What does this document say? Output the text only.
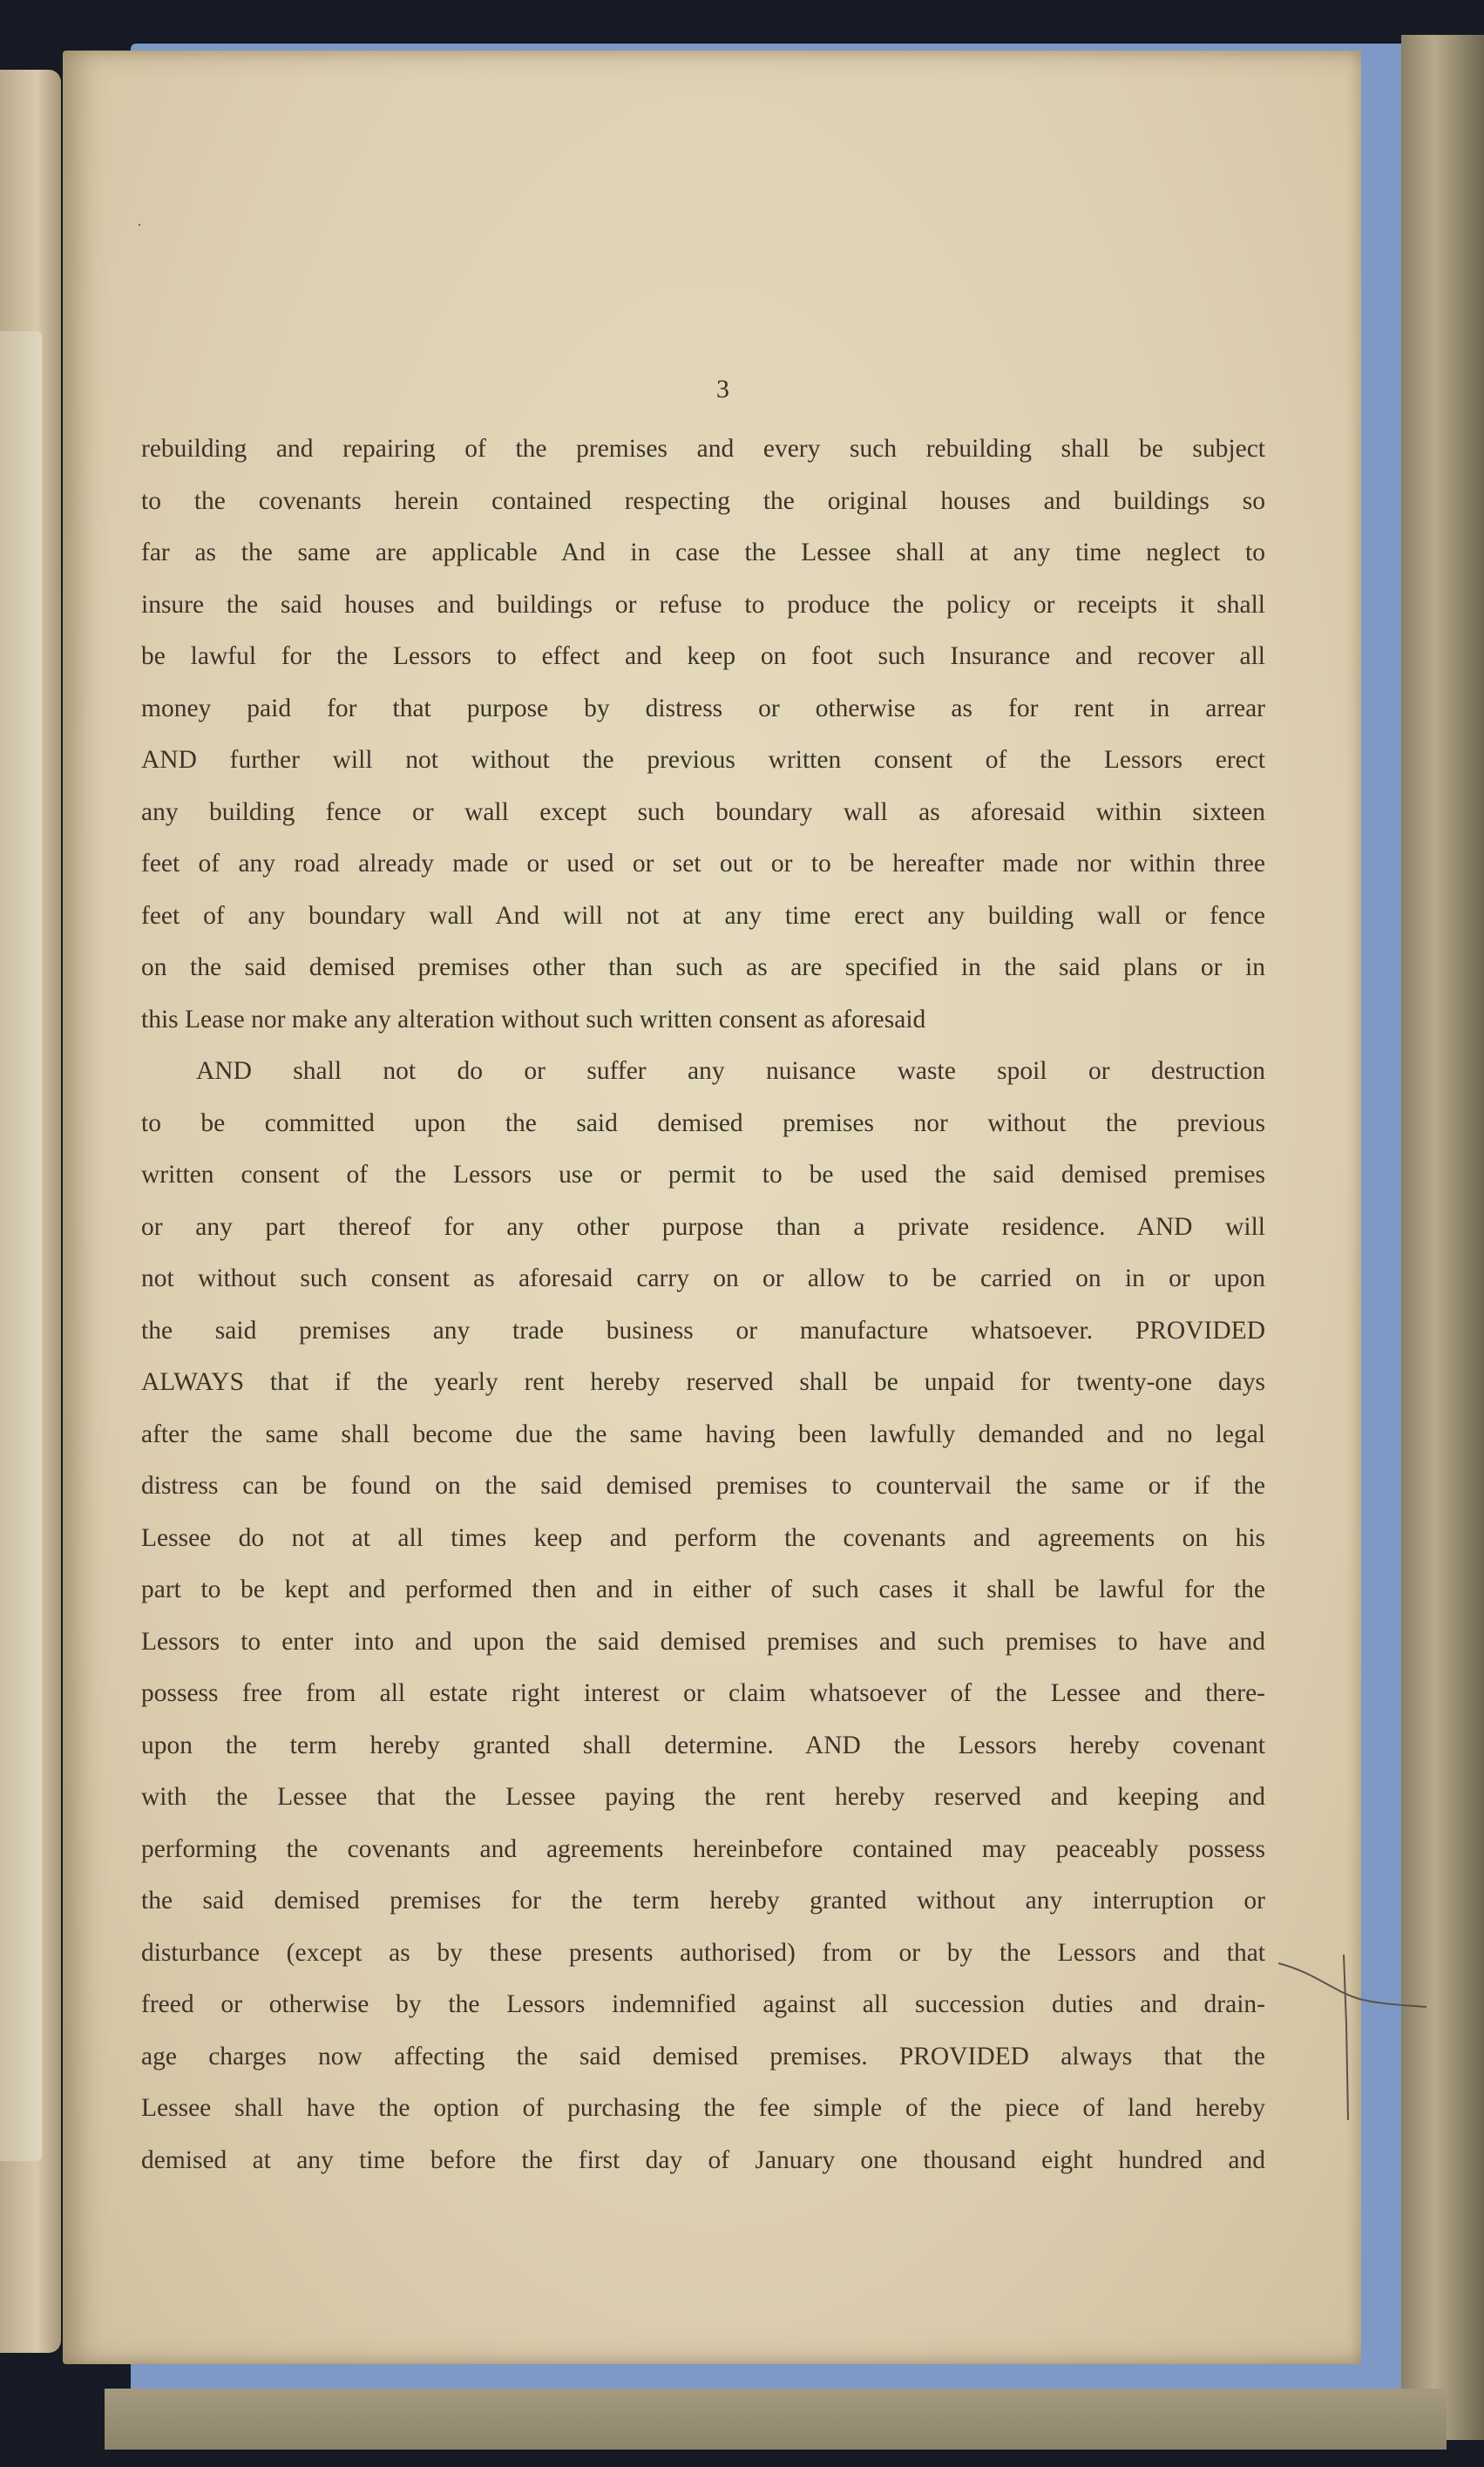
·
3
rebuilding and repairing of the premises and every such rebuilding shall be subject
to the covenants herein contained respecting the original houses and buildings so
far as the same are applicable And in case the Lessee shall at any time neglect to
insure the said houses and buildings or refuse to produce the policy or receipts it shall
be lawful for the Lessors to effect and keep on foot such Insurance and recover all
money paid for that purpose by distress or otherwise as for rent in arrear
AND further will not without the previous written consent of the Lessors erect
any building fence or wall except such boundary wall as aforesaid within sixteen
feet of any road already made or used or set out or to be hereafter made nor within three
feet of any boundary wall And will not at any time erect any building wall or fence
on the said demised premises other than such as are specified in the said plans or in
this Lease nor make any alteration without such written consent as aforesaid
AND shall not do or suffer any nuisance waste spoil or destruction
to be committed upon the said demised premises nor without the previous
written consent of the Lessors use or permit to be used the said demised premises
or any part thereof for any other purpose than a private residence. AND will
not without such consent as aforesaid carry on or allow to be carried on in or upon
the said premises any trade business or manufacture whatsoever. PROVIDED
ALWAYS that if the yearly rent hereby reserved shall be unpaid for twenty-one days
after the same shall become due the same having been lawfully demanded and no legal
distress can be found on the said demised premises to countervail the same or if the
Lessee do not at all times keep and perform the covenants and agreements on his
part to be kept and performed then and in either of such cases it shall be lawful for the
Lessors to enter into and upon the said demised premises and such premises to have and
possess free from all estate right interest or claim whatsoever of the Lessee and there-
upon the term hereby granted shall determine. AND the Lessors hereby covenant
with the Lessee that the Lessee paying the rent hereby reserved and keeping and
performing the covenants and agreements hereinbefore contained may peaceably possess
the said demised premises for the term hereby granted without any interruption or
disturbance (except as by these presents authorised) from or by the Lessors and that
freed or otherwise by the Lessors indemnified against all succession duties and drain-
age charges now affecting the said demised premises. PROVIDED always that the
Lessee shall have the option of purchasing the fee simple of the piece of land hereby
demised at any time before the first day of January one thousand eight hundred and
